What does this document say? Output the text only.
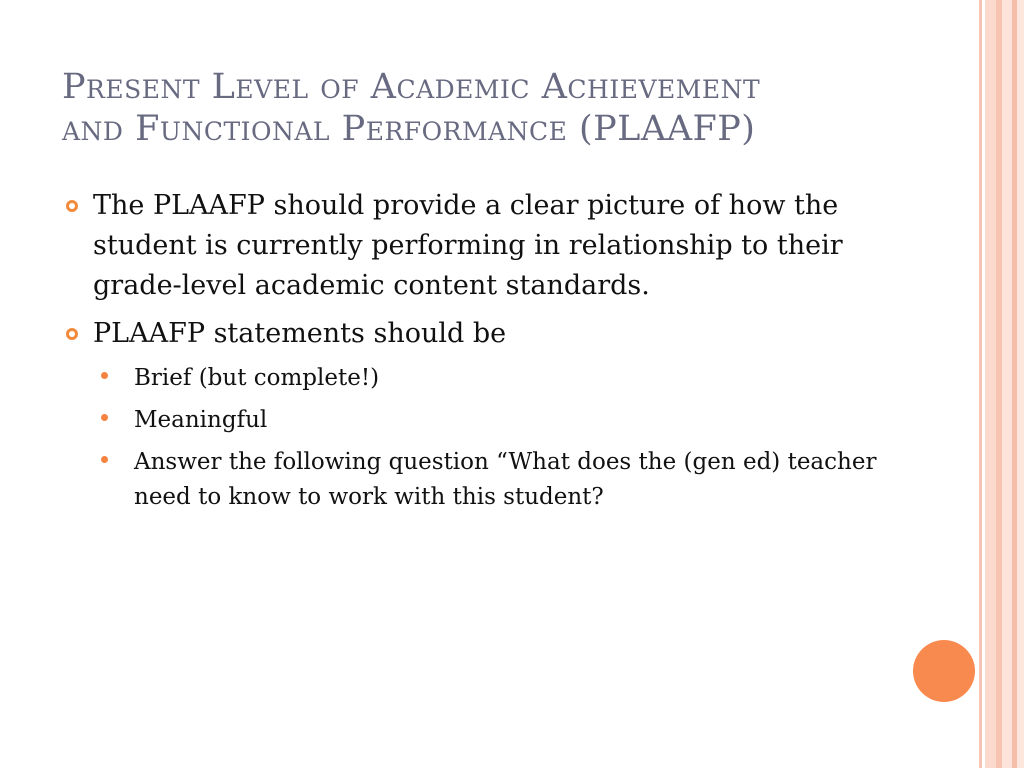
Present Level of Academic Achievement
and Functional Performance (PLAAFP)
The PLAAFP should provide a clear picture of how the student is currently performing in relationship to their grade-level academic content standards.
PLAAFP statements should be
Brief (but complete!)
Meaningful
Answer the following question “What does the (gen ed) teacher need to know to work with this student?
